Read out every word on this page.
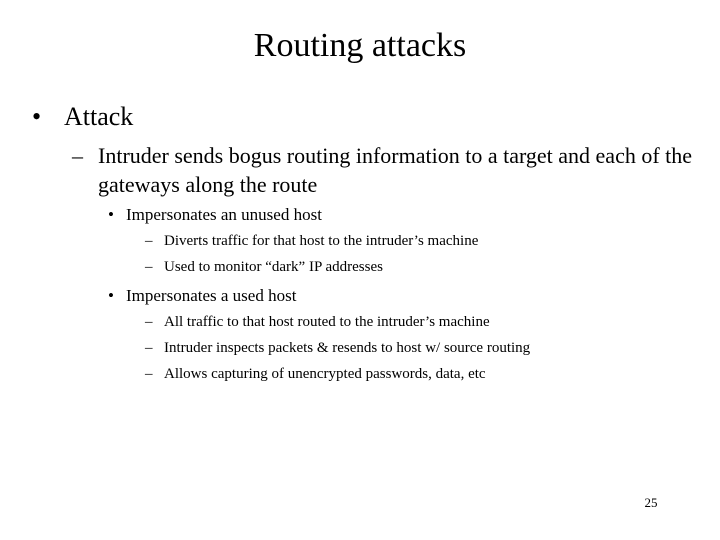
Routing attacks
• Attack
– Intruder sends bogus routing information to a target and each of the gateways along the route
• Impersonates an unused host
– Diverts traffic for that host to the intruder’s machine
– Used to monitor “dark” IP addresses
• Impersonates a used host
– All traffic to that host routed to the intruder’s machine
– Intruder inspects packets & resends to host w/ source routing
– Allows capturing of unencrypted passwords, data, etc
25
